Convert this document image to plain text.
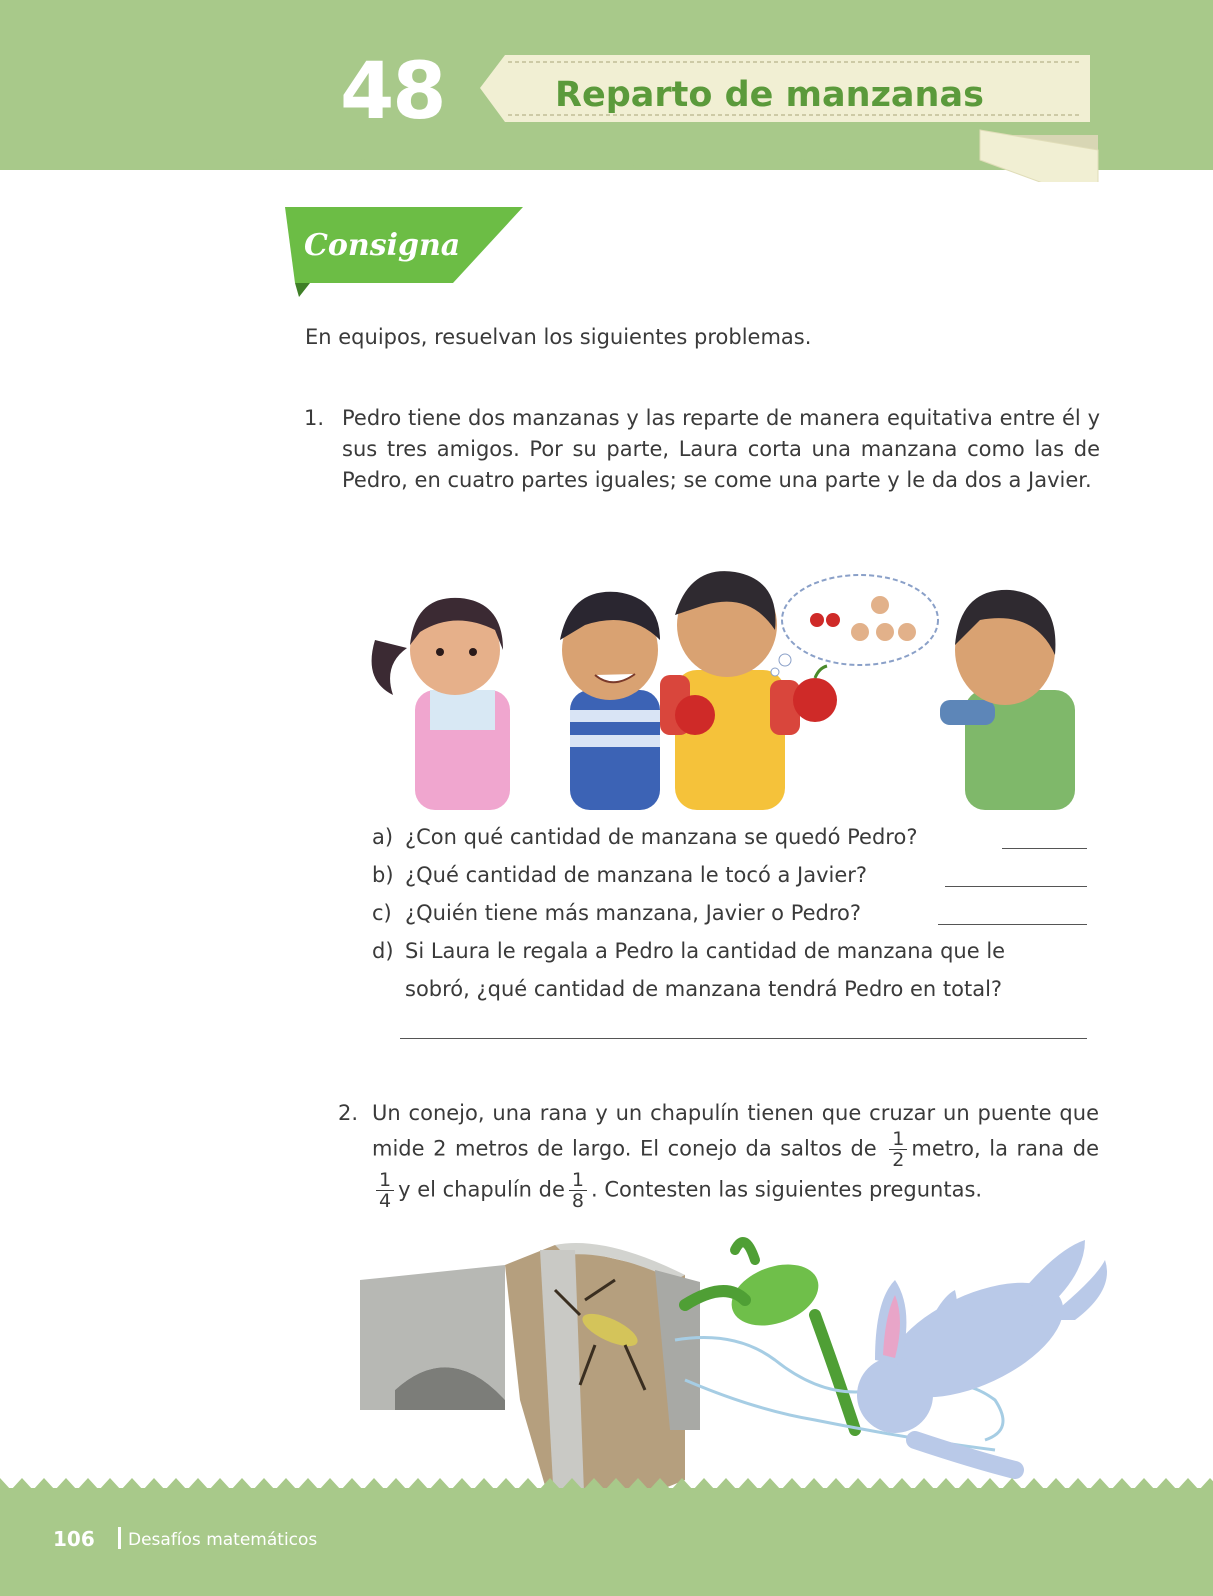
48	Reparto de manzanas
Consigna
En equipos, resuelvan los siguientes problemas.
1. Pedro tiene dos manzanas y las reparte de manera equitativa entre él y sus tres amigos. Por su parte, Laura corta una manzana como las de Pedro, en cuatro partes iguales; se come una parte y le da dos a Javier.
a) ¿Con qué cantidad de manzana se quedó Pedro?
b) ¿Qué cantidad de manzana le tocó a Javier?
c) ¿Quién tiene más manzana, Javier o Pedro?
d) Si Laura le regala a Pedro la cantidad de manzana que le
sobró, ¿qué cantidad de manzana tendrá Pedro en total?
2. Un conejo, una rana y un chapulín tienen que cruzar un puente que mide 2 metros de largo. El conejo da saltos de $\frac{1}{2}$ metro, la rana de
$\frac{1}{4}$ y el chapulín de $\frac{1}{8}$ . Contesten las siguientes preguntas.
106 Desafíos matemáticos
